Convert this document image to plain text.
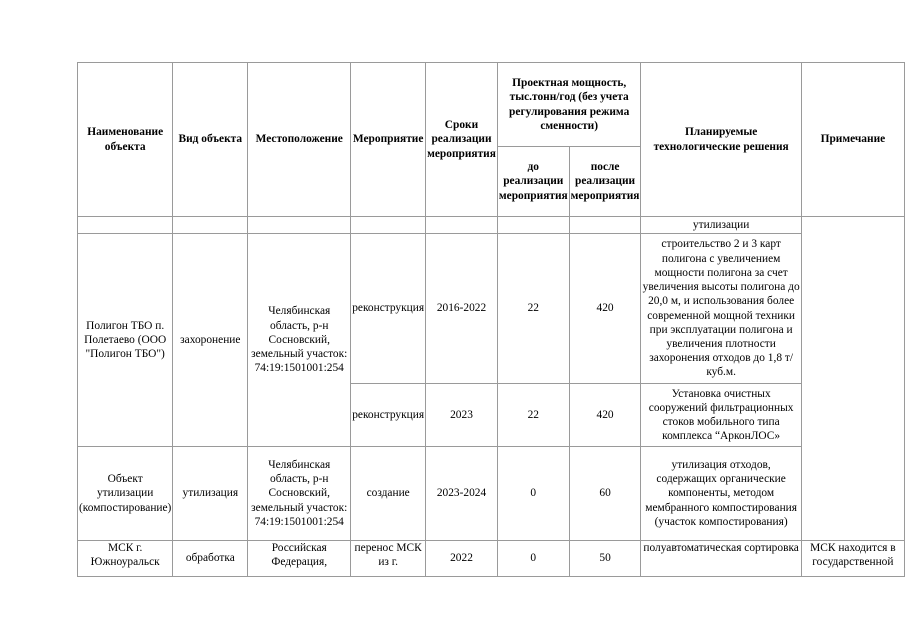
Наименование объекта	Вид объекта	Местоположение	Мероприятие	Сроки реализации мероприятия	Проектная мощность, тыс.тонн/год (без учета регулирования режима сменности)		Планируемые технологические решения	Примечание
					до реализации мероприятия	после реализации мероприятия		
							утилизации	
Полигон ТБО п. Полетаево (ООО "Полигон ТБО")	захоронение	Челябинская область, р-н Сосновский, земельный участок: 74:19:1501001:254	реконструкция	2016-2022	22	420	строительство 2 и 3 карт полигона с увеличением мощности полигона за счет увеличения высоты полигона до 20,0 м, и использования более современной мощной техники при эксплуатации полигона и увеличения плотности захоронения отходов до 1,8 т/куб.м.	
			реконструкция	2023	22	420	Установка очистных сооружений фильтрационных стоков мобильного типа комплекса “АрконЛОС»	
Объект утилизации (компостирование)	утилизация	Челябинская область, р-н Сосновский, земельный участок: 74:19:1501001:254	создание	2023-2024	0	60	утилизация отходов, содержащих органические компоненты, методом мембранного компостирования (участок компостирования)	

МСК г. Южноуральск	обработка	Российская Федерация,	перенос МСК из г.	2022	0	50	полуавтоматическая сортировка	МСК находится в государственной
